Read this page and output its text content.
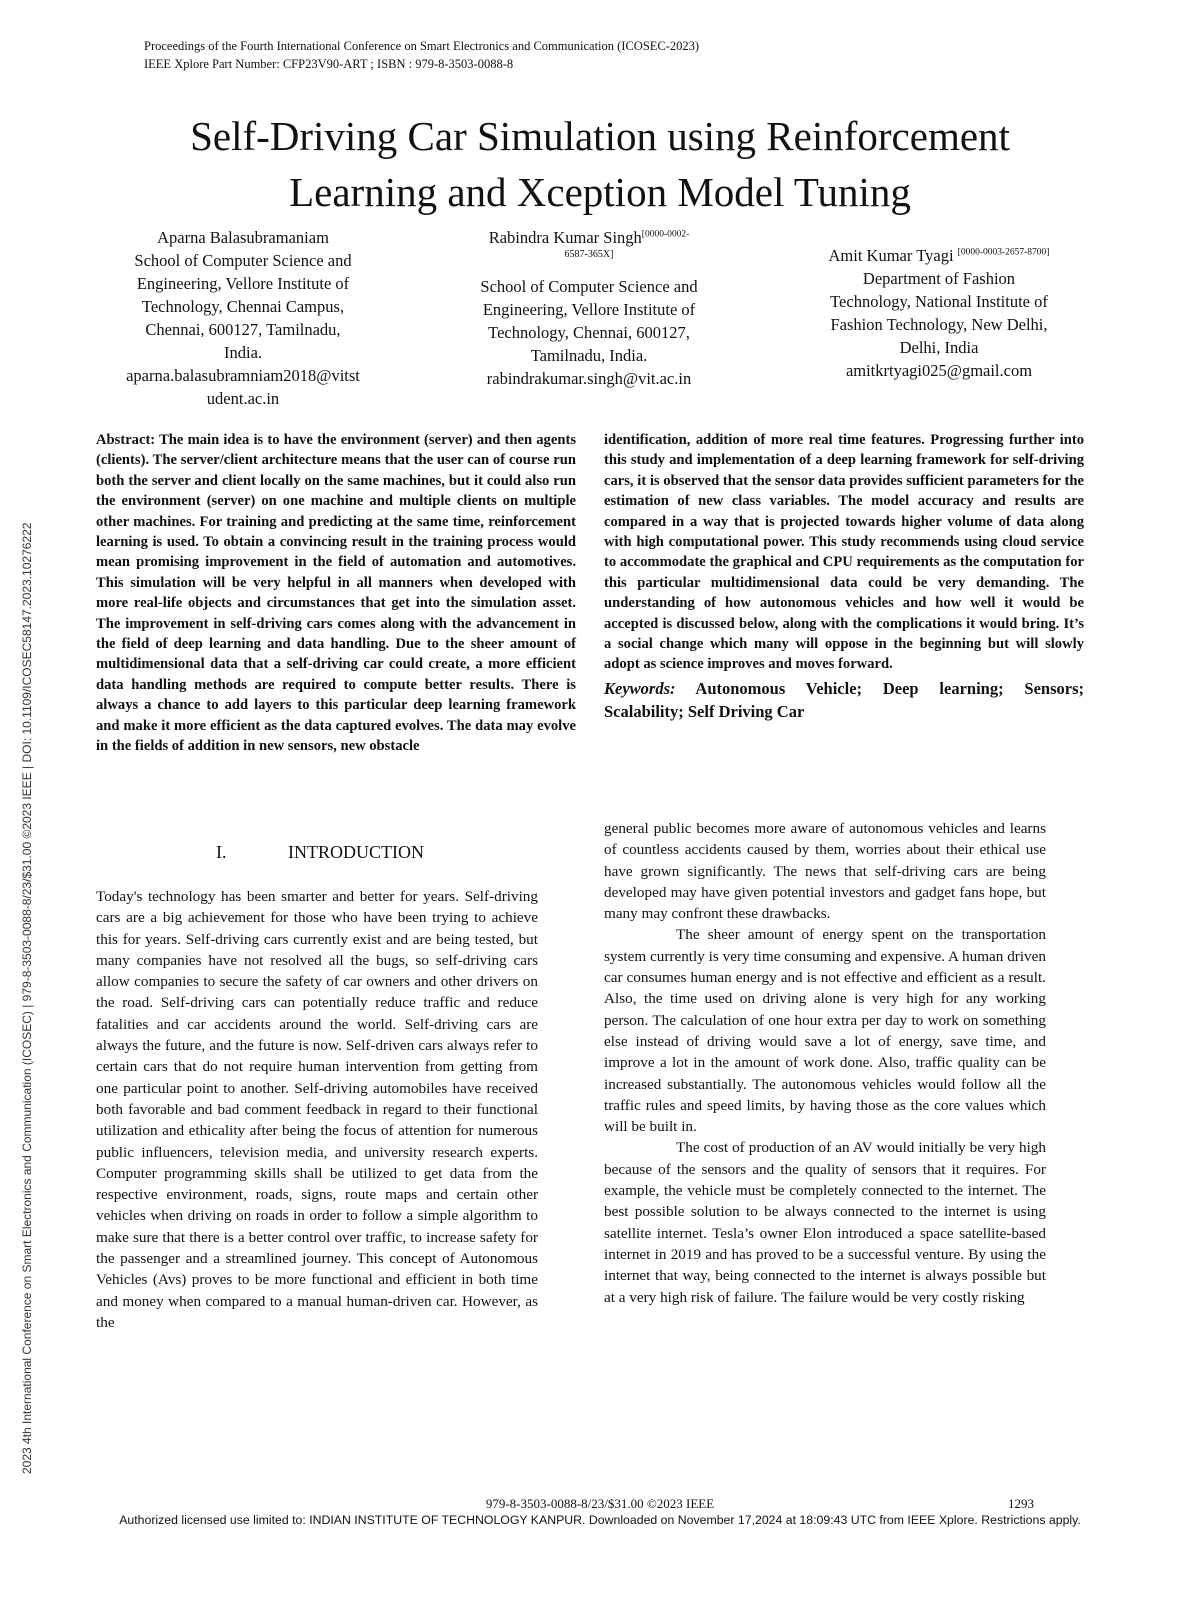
Proceedings of the Fourth International Conference on Smart Electronics and Communication (ICOSEC-2023)
IEEE Xplore Part Number: CFP23V90-ART ; ISBN : 979-8-3503-0088-8
Self-Driving Car Simulation using Reinforcement
Learning and Xception Model Tuning
Aparna Balasubramaniam
School of Computer Science and
Engineering, Vellore Institute of
Technology, Chennai Campus,
Chennai, 600127, Tamilnadu,
India.
aparna.balasubramniam2018@vitst
udent.ac.in
Rabindra Kumar Singh$^{[0000-0002-}$
6587-365X]
School of Computer Science and
Engineering, Vellore Institute of
Technology, Chennai, 600127,
Tamilnadu, India.
rabindrakumar.singh@vit.ac.in
Amit Kumar Tyagi [0000-0003-2657-8700]
Department of Fashion
Technology, National Institute of
Fashion Technology, New Delhi,
Delhi, India
amitkrtyagi025@gmail.com
Abstract: The main idea is to have the environment (server) and then agents (clients). The server/client architecture means that the user can of course run both the server and client locally on the same machines, but it could also run the environment (server) on one machine and multiple clients on multiple other machines. For training and predicting at the same time, reinforcement learning is used. To obtain a convincing result in the training process would mean promising improvement in the field of automation and automotives. This simulation will be very helpful in all manners when developed with more real-life objects and circumstances that get into the simulation asset. The improvement in self-driving cars comes along with the advancement in the field of deep learning and data handling. Due to the sheer amount of multidimensional data that a self-driving car could create, a more efficient data handling methods are required to compute better results. There is always a chance to add layers to this particular deep learning framework and make it more efficient as the data captured evolves. The data may evolve in the fields of addition in new sensors, new obstacle
identification, addition of more real time features. Progressing further into this study and implementation of a deep learning framework for self-driving cars, it is observed that the sensor data provides sufficient parameters for the estimation of new class variables. The model accuracy and results are compared in a way that is projected towards higher volume of data along with high computational power. This study recommends using cloud service to accommodate the graphical and CPU requirements as the computation for this particular multidimensional data could be very demanding. The understanding of how autonomous vehicles and how well it would be accepted is discussed below, along with the complications it would bring. It’s a social change which many will oppose in the beginning but will slowly adopt as science improves and moves forward.
Keywords: Autonomous Vehicle; Deep learning; Sensors; Scalability; Self Driving Car
I.	INTRODUCTION

Today's technology has been smarter and better for years. Self-driving cars are a big achievement for those who have been trying to achieve this for years. Self-driving cars currently exist and are being tested, but many companies have not resolved all the bugs, so self-driving cars allow companies to secure the safety of car owners and other drivers on the road. Self-driving cars can potentially reduce traffic and reduce fatalities and car accidents around the world. Self-driving cars are always the future, and the future is now. Self-driven cars always refer to certain cars that do not require human intervention from getting from one particular point to another. Self-driving automobiles have received both favorable and bad comment feedback in regard to their functional utilization and ethicality after being the focus of attention for numerous public influencers, television media, and university research experts. Computer programming skills shall be utilized to get data from the respective environment, roads, signs, route maps and certain other vehicles when driving on roads in order to follow a simple algorithm to make sure that there is a better control over traffic, to increase safety for the passenger and a streamlined journey. This concept of Autonomous Vehicles (Avs) proves to be more functional and efficient in both time and money when compared to a manual human-driven car. However, as the

general public becomes more aware of autonomous vehicles and learns of countless accidents caused by them, worries about their ethical use have grown significantly. The news that self-driving cars are being developed may have given potential investors and gadget fans hope, but many may confront these drawbacks.

The sheer amount of energy spent on the transportation system currently is very time consuming and expensive. A human driven car consumes human energy and is not effective and efficient as a result. Also, the time used on driving alone is very high for any working person. The calculation of one hour extra per day to work on something else instead of driving would save a lot of energy, save time, and improve a lot in the amount of work done. Also, traffic quality can be increased substantially. The autonomous vehicles would follow all the traffic rules and speed limits, by having those as the core values which will be built in.

The cost of production of an AV would initially be very high because of the sensors and the quality of sensors that it requires. For example, the vehicle must be completely connected to the internet. The best possible solution to be always connected to the internet is using satellite internet. Tesla’s owner Elon introduced a space satellite-based internet in 2019 and has proved to be a successful venture. By using the internet that way, being connected to the internet is always possible but at a very high risk of failure. The failure would be very costly risking

2023 4th International Conference on Smart Electronics and Communication (ICOSEC) | 979-8-3503-0088-8/23/$31.00 ©2023 IEEE | DOI: 10.1109/ICOSEC58147.2023.10276222
979-8-3503-0088-8/23/$31.00 ©2023 IEEE	1293
Authorized licensed use limited to: INDIAN INSTITUTE OF TECHNOLOGY KANPUR. Downloaded on November 17,2024 at 18:09:43 UTC from IEEE Xplore. Restrictions apply.
